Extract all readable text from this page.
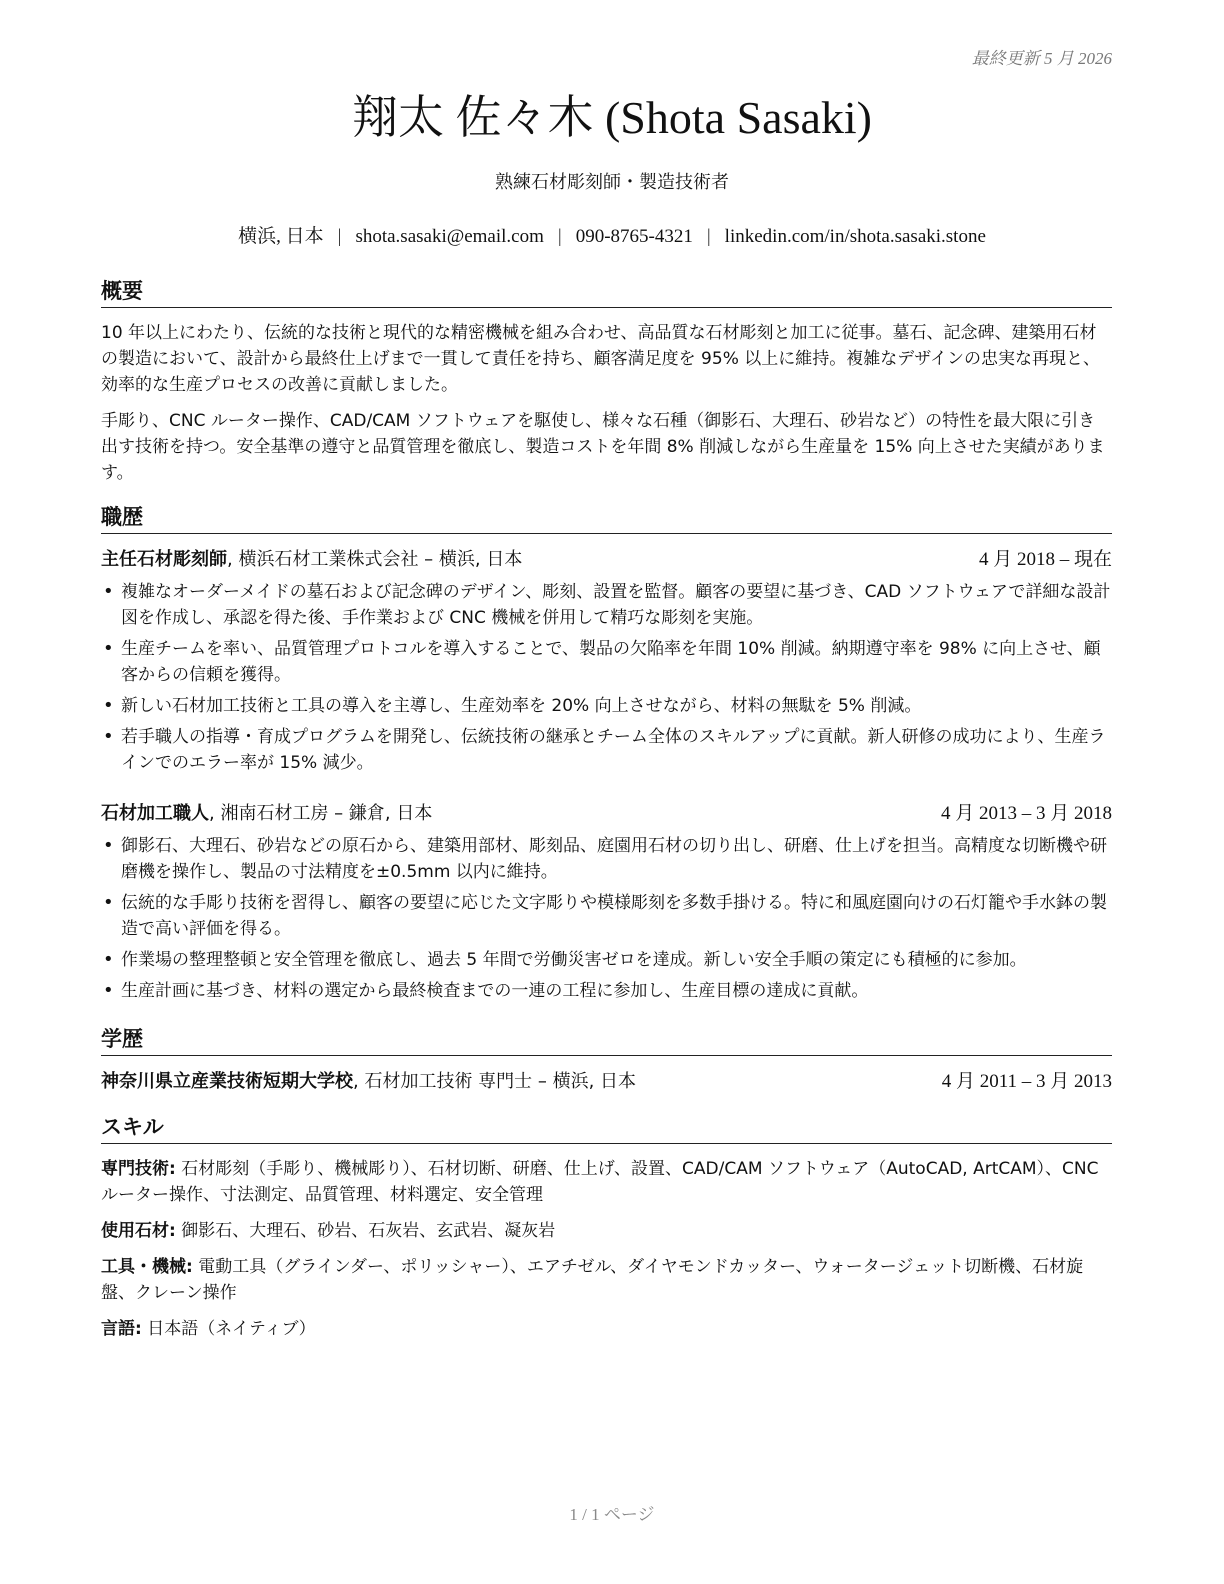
最終更新 5 月 2026
翔太 佐々木 (Shota Sasaki)
熟練石材彫刻師・製造技術者
横浜, 日本 | shota.sasaki@email.com | 090-8765-4321 | linkedin.com/in/shota.sasaki.stone
概要

10 年以上にわたり、伝統的な技術と現代的な精密機械を組み合わせ、高品質な石材彫刻と加工に従事。墓石、記念碑、建築用石材の製造において、設計から最終仕上げまで一貫して責任を持ち、顧客満足度を 95% 以上に維持。複雑なデザインの忠実な再現と、効率的な生産プロセスの改善に貢献しました。

手彫り、CNC ルーター操作、CAD/CAM ソフトウェアを駆使し、様々な石種（御影石、大理石、砂岩など）の特性を最大限に引き出す技術を持つ。安全基準の遵守と品質管理を徹底し、製造コストを年間 8% 削減しながら生産量を 15% 向上させた実績があります。

職歴
主任石材彫刻師, 横浜石材工業株式会社 – 横浜, 日本	4 月 2018 – 現在
• 複雑なオーダーメイドの墓石および記念碑のデザイン、彫刻、設置を監督。顧客の要望に基づき、CAD ソフトウェアで詳細な設計図を作成し、承認を得た後、手作業および CNC 機械を併用して精巧な彫刻を実施。
• 生産チームを率い、品質管理プロトコルを導入することで、製品の欠陥率を年間 10% 削減。納期遵守率を 98% に向上させ、顧客からの信頼を獲得。
• 新しい石材加工技術と工具の導入を主導し、生産効率を 20% 向上させながら、材料の無駄を 5% 削減。
• 若手職人の指導・育成プログラムを開発し、伝統技術の継承とチーム全体のスキルアップに貢献。新人研修の成功により、生産ラインでのエラー率が 15% 減少。
石材加工職人, 湘南石材工房 – 鎌倉, 日本	4 月 2013 – 3 月 2018
• 御影石、大理石、砂岩などの原石から、建築用部材、彫刻品、庭園用石材の切り出し、研磨、仕上げを担当。高精度な切断機や研磨機を操作し、製品の寸法精度を±0.5mm 以内に維持。
• 伝統的な手彫り技術を習得し、顧客の要望に応じた文字彫りや模様彫刻を多数手掛ける。特に和風庭園向けの石灯籠や手水鉢の製造で高い評価を得る。
• 作業場の整理整頓と安全管理を徹底し、過去 5 年間で労働災害ゼロを達成。新しい安全手順の策定にも積極的に参加。
• 生産計画に基づき、材料の選定から最終検査までの一連の工程に参加し、生産目標の達成に貢献。
学歴
神奈川県立産業技術短期大学校, 石材加工技術 専門士 – 横浜, 日本	4 月 2011 – 3 月 2013
スキル
専門技術: 石材彫刻（手彫り、機械彫り）、石材切断、研磨、仕上げ、設置、CAD/CAM ソフトウェア（AutoCAD, ArtCAM）、CNC ルーター操作、寸法測定、品質管理、材料選定、安全管理
使用石材: 御影石、大理石、砂岩、石灰岩、玄武岩、凝灰岩
工具・機械: 電動工具（グラインダー、ポリッシャー）、エアチゼル、ダイヤモンドカッター、ウォータージェット切断機、石材旋盤、クレーン操作
言語: 日本語（ネイティブ）
1 / 1 ページ
